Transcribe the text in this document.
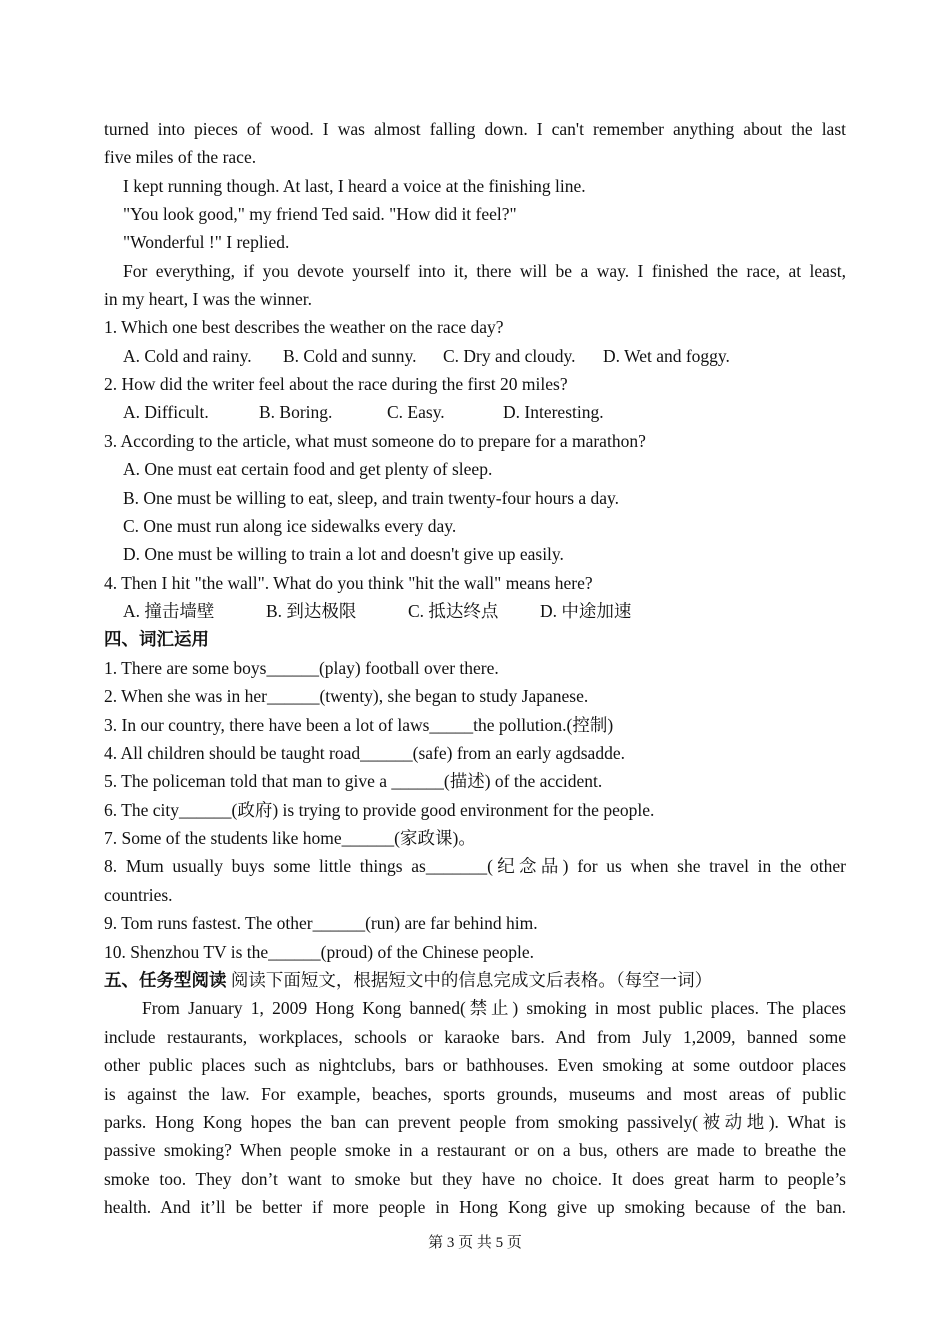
turned into pieces of wood. I was almost falling down. I can't remember anything about the last
five miles of the race.
I kept running though. At last, I heard a voice at the finishing line.
"You look good," my friend Ted said. "How did it feel?"
"Wonderful !" I replied.
For everything, if you devote yourself into it, there will be a way. I finished the race, at least,
in my heart, I was the winner.
1. Which one best describes the weather on the race day?
A. Cold and rainy. B. Cold and sunny. C. Dry and cloudy. D. Wet and foggy.
2. How did the writer feel about the race during the first 20 miles?
A. Difficult.	B. Boring.	C. Easy.	D. Interesting.
3. According to the article, what must someone do to prepare for a marathon?
A. One must eat certain food and get plenty of sleep.
B. One must be willing to eat, sleep, and train twenty-four hours a day.
C. One must run along ice sidewalks every day.
D. One must be willing to train a lot and doesn't give up easily.
4. Then I hit "the wall". What do you think "hit the wall" means here?
A. 撞击墙壁	B. 到达极限	C. 抵达终点 D. 中途加速
四、词汇运用
1. There are some boys______(play) football over there.
2. When she was in her______(twenty), she began to study Japanese.
3. In our country, there have been a lot of laws_____the pollution.(控制)
4. All children should be taught road______(safe) from an early agdsadde.
5. The policeman told that man to give a ______(描述) of the accident.
6. The city______(政府) is trying to provide good environment for the people.
7. Some of the students like home______(家政课)。
8. Mum usually buys some little things as_______(纪念品) for us when she travel in the other
countries.
9. Tom runs fastest. The other______(run) are far behind him.
10. Shenzhou TV is the______(proud) of the Chinese people.
五、任务型阅读 阅读下面短文，根据短文中的信息完成文后表格。（每空一词）
From January 1, 2009 Hong Kong banned(禁止) smoking in most public places. The places
include restaurants, workplaces, schools or karaoke bars. And from July 1,2009, banned some
other public places such as nightclubs, bars or bathhouses. Even smoking at some outdoor places
is against the law. For example, beaches, sports grounds, museums and most areas of public
parks. Hong Kong hopes the ban can prevent people from smoking passively(被动地). What is
passive smoking? When people smoke in a restaurant or on a bus, others are made to breathe the
smoke too. They don’t want to smoke but they have no choice. It does great harm to people’s
health. And it’ll be better if more people in Hong Kong give up smoking because of the ban.
第 3 页 共 5 页
